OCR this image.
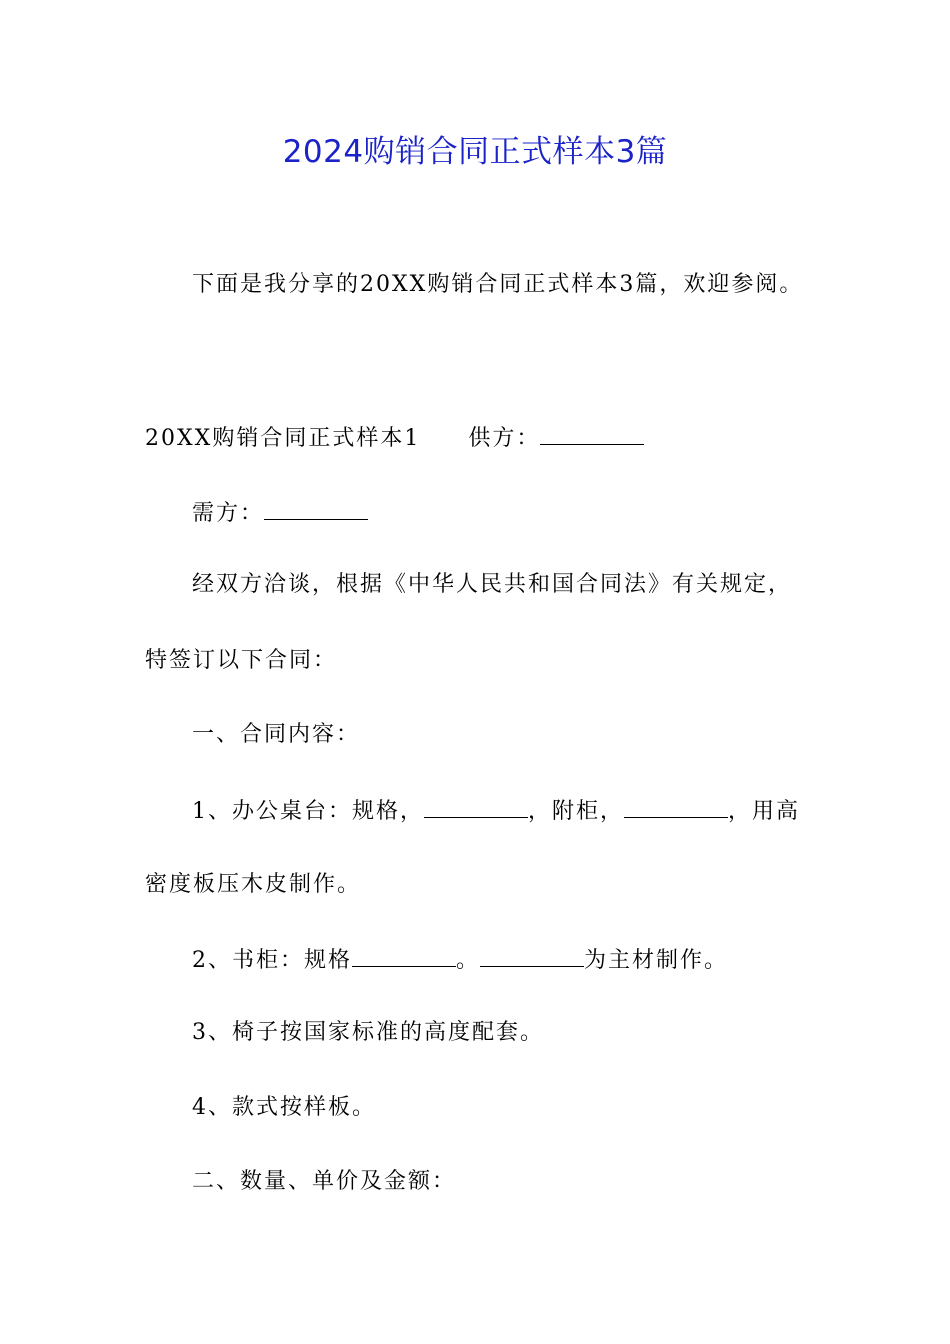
2024购销合同正式样本3篇
下面是我分享的20XX购销合同正式样本3篇，欢迎参阅。
20XX购销合同正式样本1 供方：
需方：
经双方洽谈，根据《中华人民共和国合同法》有关规定，
特签订以下合同：
一、合同内容：
1、办公桌台：规格，	，附柜，	，用高
密度板压木皮制作。
2、书柜：规格	。	为主材制作。
3、椅子按国家标准的高度配套。
4、款式按样板。
二、数量、单价及金额：
